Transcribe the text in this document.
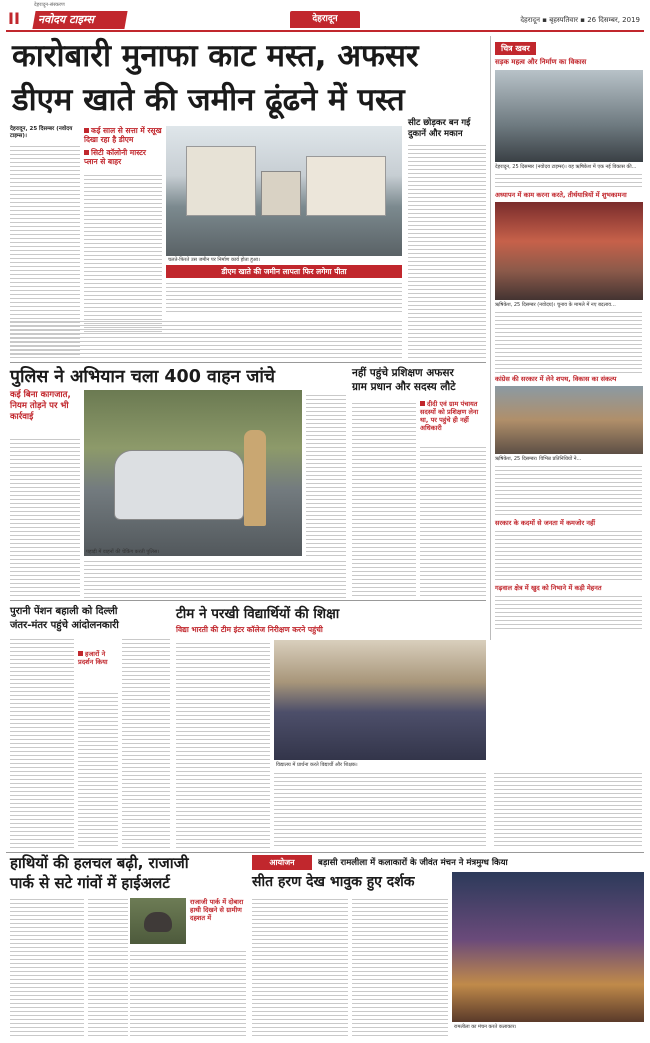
II नवोदय टाइम्स
देहरादून-संस्करण
देहरादून	देहरादून ▪ बृहस्पतिवार ▪ 26 दिसम्बर, 2019
कारोबारी मुनाफा काट मस्त, अफसर
डीएम खाते की जमीन ढूंढने में पस्त
देहरादून, 25 दिसम्बर (नवोदय टाइम्स)।
कई साल से सत्ता में रसूख दिखा रहा है डीएम
सिटी कॉलोनी मास्टर प्लान से बाहर
चलते-फिरते उस जमीन पर निर्माण कार्य होता हुआ।
डीएम खाते की जमीन लापता फिर लगेगा पीता
सीट छोड़कर बन गई दुकानें और मकान
चित्र खबर
सड़क महत्व और निर्माण का विकास
देहरादून, 25 दिसम्बर (नवोदय टाइम्स)। यह ऋषिकेश में एक नई विकास की...
अध्यापन में काम करना करते, तीर्थयात्रियों में शुभकामना
ऋषिकेश, 25 दिसम्बर (नवोदय)। चुनाव के मामले में नए बदलाव...
कांग्रेस की सरकार में लेने शपथ, विकास का संकल्प
ऋषिकेश, 25 दिसम्बर। विभिन्न प्रतिनिधियों ने...
सरकार के कदमों से जनता में कमजोर नहीं
गढ़वाल क्षेत्र में खुद को निभाने में कड़ी मेहनत
पुलिस ने अभियान चला 400 वाहन जांचे
कई बिना कागजात, नियम तोड़ने पर भी कार्रवाई
पहाड़ी में वाहनों की चेकिंग करती पुलिस।
नहीं पहुंचे प्रशिक्षण अफसर
ग्राम प्रधान और सदस्य लौटे
दीदी एवं ग्राम पंचायत सदस्यों को प्रशिक्षण लेना था, पर पहुंचे ही नहीं अधिकारी
पुरानी पेंशन बहाली को दिल्ली
जंतर-मंतर पहुंचे आंदोलनकारी
हजारों ने प्रदर्शन किया
टीम ने परखी विद्यार्थियों की शिक्षा
विद्या भारती की टीम इंटर कॉलेज निरीक्षण करने पहुंची
विद्यालय में प्रार्थना करते विद्यार्थी और शिक्षक।
हाथियों की हलचल बढ़ी, राजाजी
पार्क से सटे गांवों में हाईअलर्ट
राजाजी पार्क में दोबारा हाथी दिखने से ग्रामीण दहशत में
आयोजन	बड़ासी रामलीला में कलाकारों के जीवंत मंचन ने मंत्रमुग्ध किया
सीत हरण देख भावुक हुए दर्शक
रामलीला का मंचन करते कलाकार।
